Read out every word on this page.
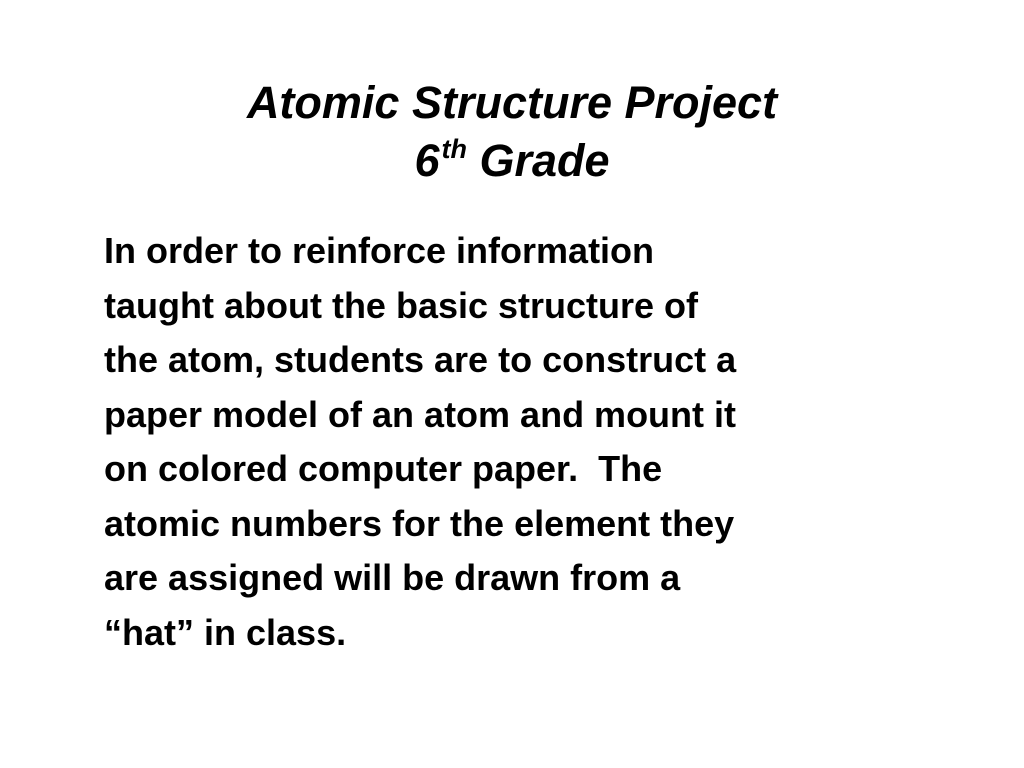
Atomic Structure Project
6th Grade
In order to reinforce information
taught about the basic structure of
the atom, students are to construct a
paper model of an atom and mount it
on colored computer paper.  The
atomic numbers for the element they
are assigned will be drawn from a
“hat” in class.
